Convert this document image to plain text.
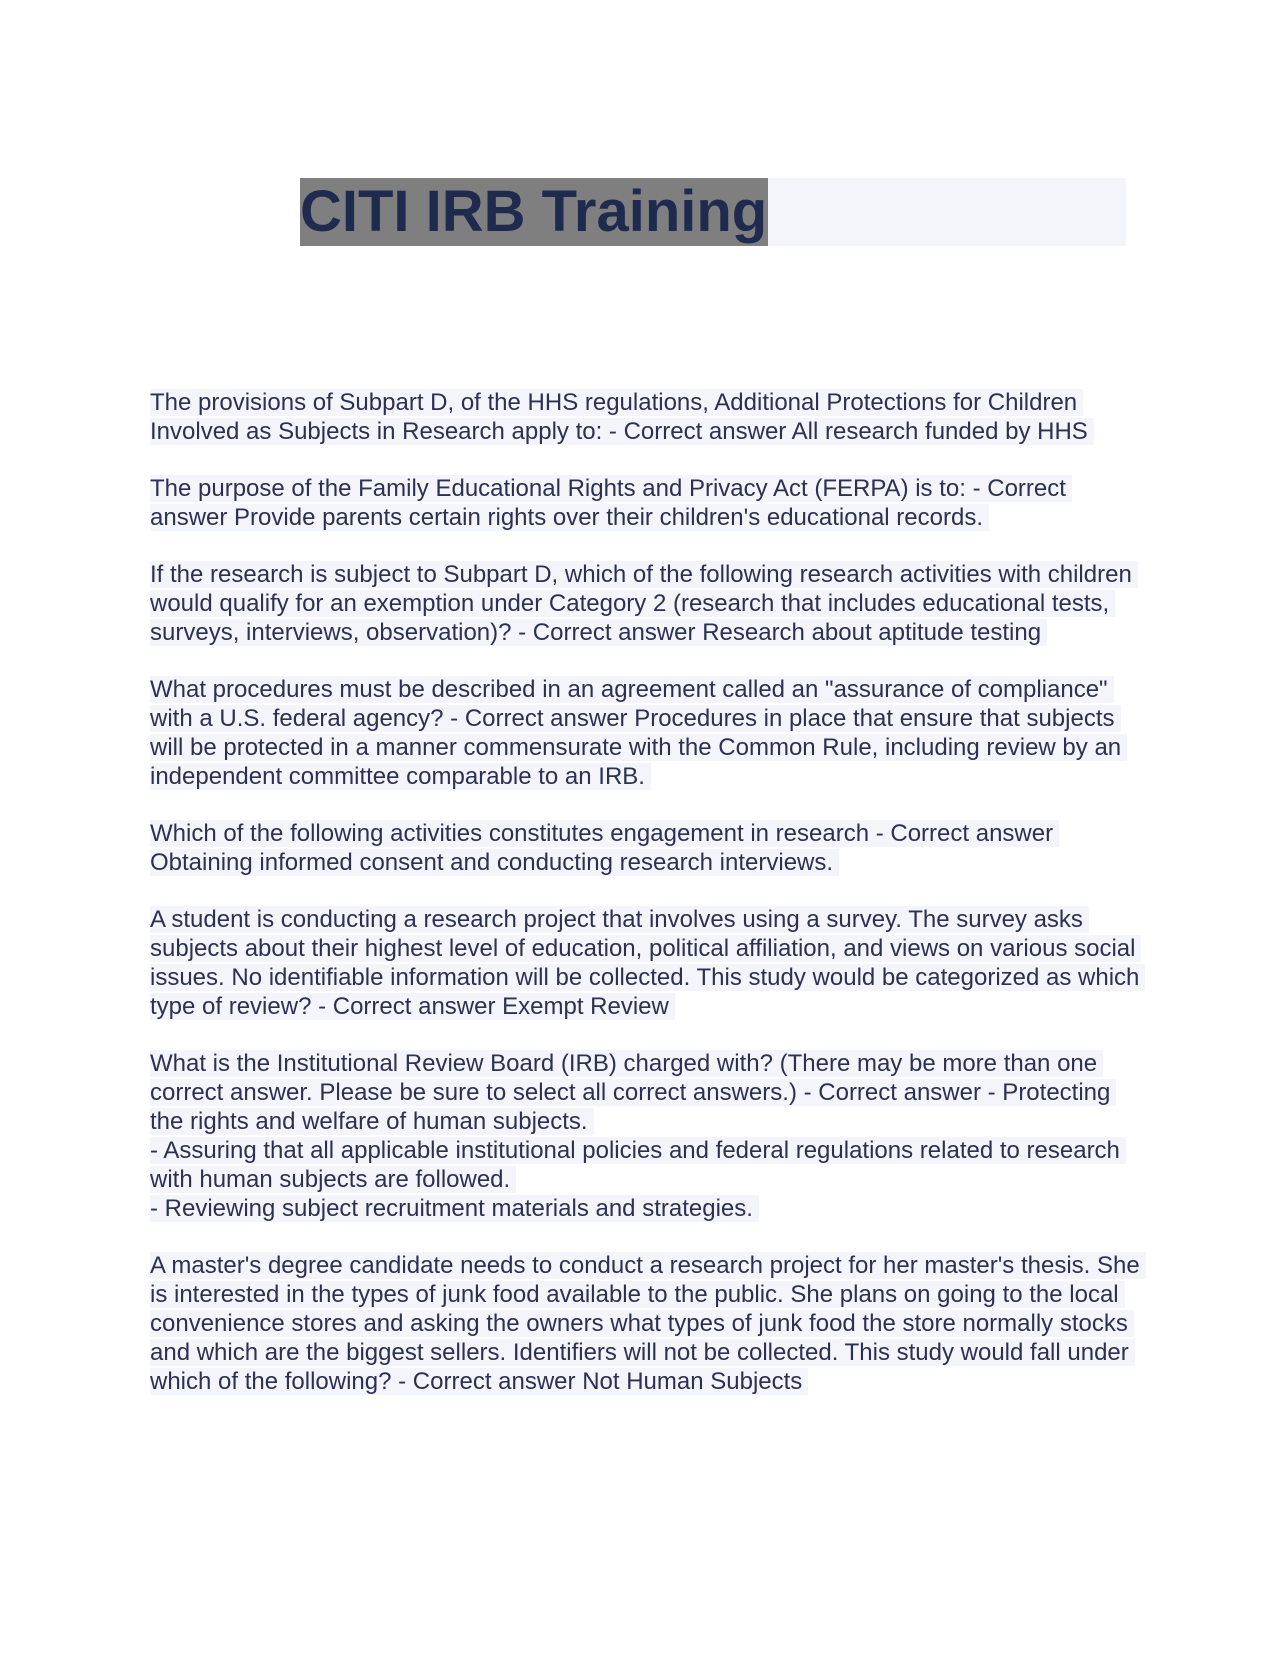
CITI IRB Training

The provisions of Subpart D, of the HHS regulations, Additional Protections for Children Involved as Subjects in Research apply to: - Correct answer All research funded by HHS

The purpose of the Family Educational Rights and Privacy Act (FERPA) is to: - Correct answer Provide parents certain rights over their children's educational records.

If the research is subject to Subpart D, which of the following research activities with children would qualify for an exemption under Category 2 (research that includes educational tests, surveys, interviews, observation)? - Correct answer Research about aptitude testing

What procedures must be described in an agreement called an "assurance of compliance" with a U.S. federal agency? - Correct answer Procedures in place that ensure that subjects will be protected in a manner commensurate with the Common Rule, including review by an independent committee comparable to an IRB.

Which of the following activities constitutes engagement in research - Correct answer Obtaining informed consent and conducting research interviews.

A student is conducting a research project that involves using a survey. The survey asks subjects about their highest level of education, political affiliation, and views on various social issues. No identifiable information will be collected. This study would be categorized as which type of review? - Correct answer Exempt Review

What is the Institutional Review Board (IRB) charged with? (There may be more than one correct answer. Please be sure to select all correct answers.) - Correct answer - Protecting the rights and welfare of human subjects.
- Assuring that all applicable institutional policies and federal regulations related to research with human subjects are followed.
- Reviewing subject recruitment materials and strategies.

A master's degree candidate needs to conduct a research project for her master's thesis. She is interested in the types of junk food available to the public. She plans on going to the local convenience stores and asking the owners what types of junk food the store normally stocks and which are the biggest sellers. Identifiers will not be collected. This study would fall under which of the following? - Correct answer Not Human Subjects
